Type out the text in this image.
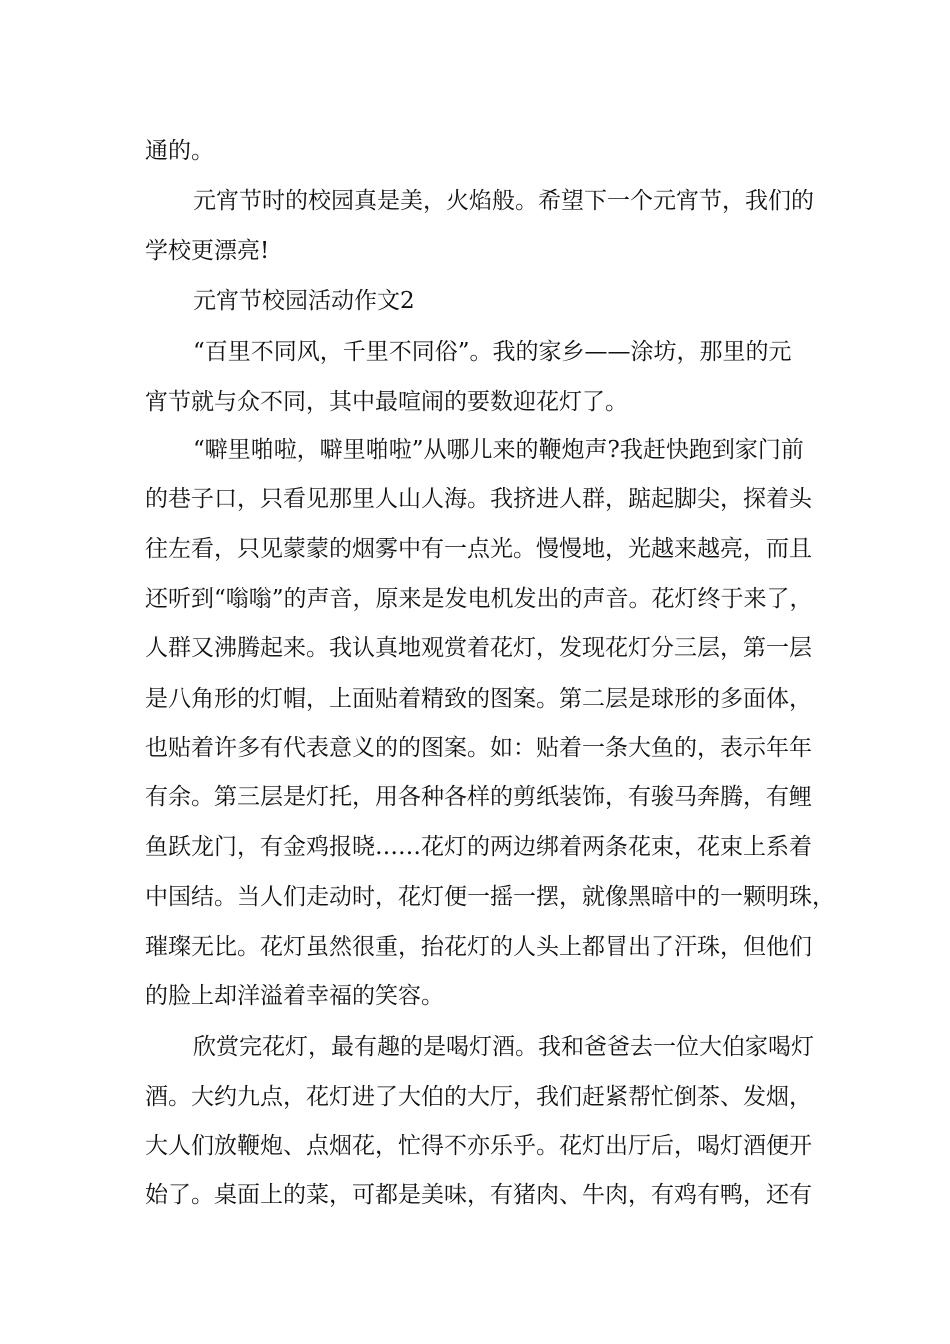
通的。
元宵节时的校园真是美，火焰般。希望下一个元宵节，我们的
学校更漂亮!
元宵节校园活动作文2
“百里不同风，千里不同俗”。我的家乡——涂坊，那里的元
宵节就与众不同，其中最喧闹的要数迎花灯了。
“噼里啪啦，噼里啪啦”从哪儿来的鞭炮声?我赶快跑到家门前
的巷子口，只看见那里人山人海。我挤进人群，踮起脚尖，探着头
往左看，只见蒙蒙的烟雾中有一点光。慢慢地，光越来越亮，而且
还听到“嗡嗡”的声音，原来是发电机发出的声音。花灯终于来了，
人群又沸腾起来。我认真地观赏着花灯，发现花灯分三层，第一层
是八角形的灯帽，上面贴着精致的图案。第二层是球形的多面体，
也贴着许多有代表意义的的图案。如：贴着一条大鱼的，表示年年
有余。第三层是灯托，用各种各样的剪纸装饰，有骏马奔腾，有鲤
鱼跃龙门，有金鸡报晓……花灯的两边绑着两条花束，花束上系着
中国结。当人们走动时，花灯便一摇一摆，就像黑暗中的一颗明珠，
璀璨无比。花灯虽然很重，抬花灯的人头上都冒出了汗珠，但他们
的脸上却洋溢着幸福的笑容。
欣赏完花灯，最有趣的是喝灯酒。我和爸爸去一位大伯家喝灯
酒。大约九点，花灯进了大伯的大厅，我们赶紧帮忙倒茶、发烟，
大人们放鞭炮、点烟花，忙得不亦乐乎。花灯出厅后，喝灯酒便开
始了。桌面上的菜，可都是美味，有猪肉、牛肉，有鸡有鸭，还有
